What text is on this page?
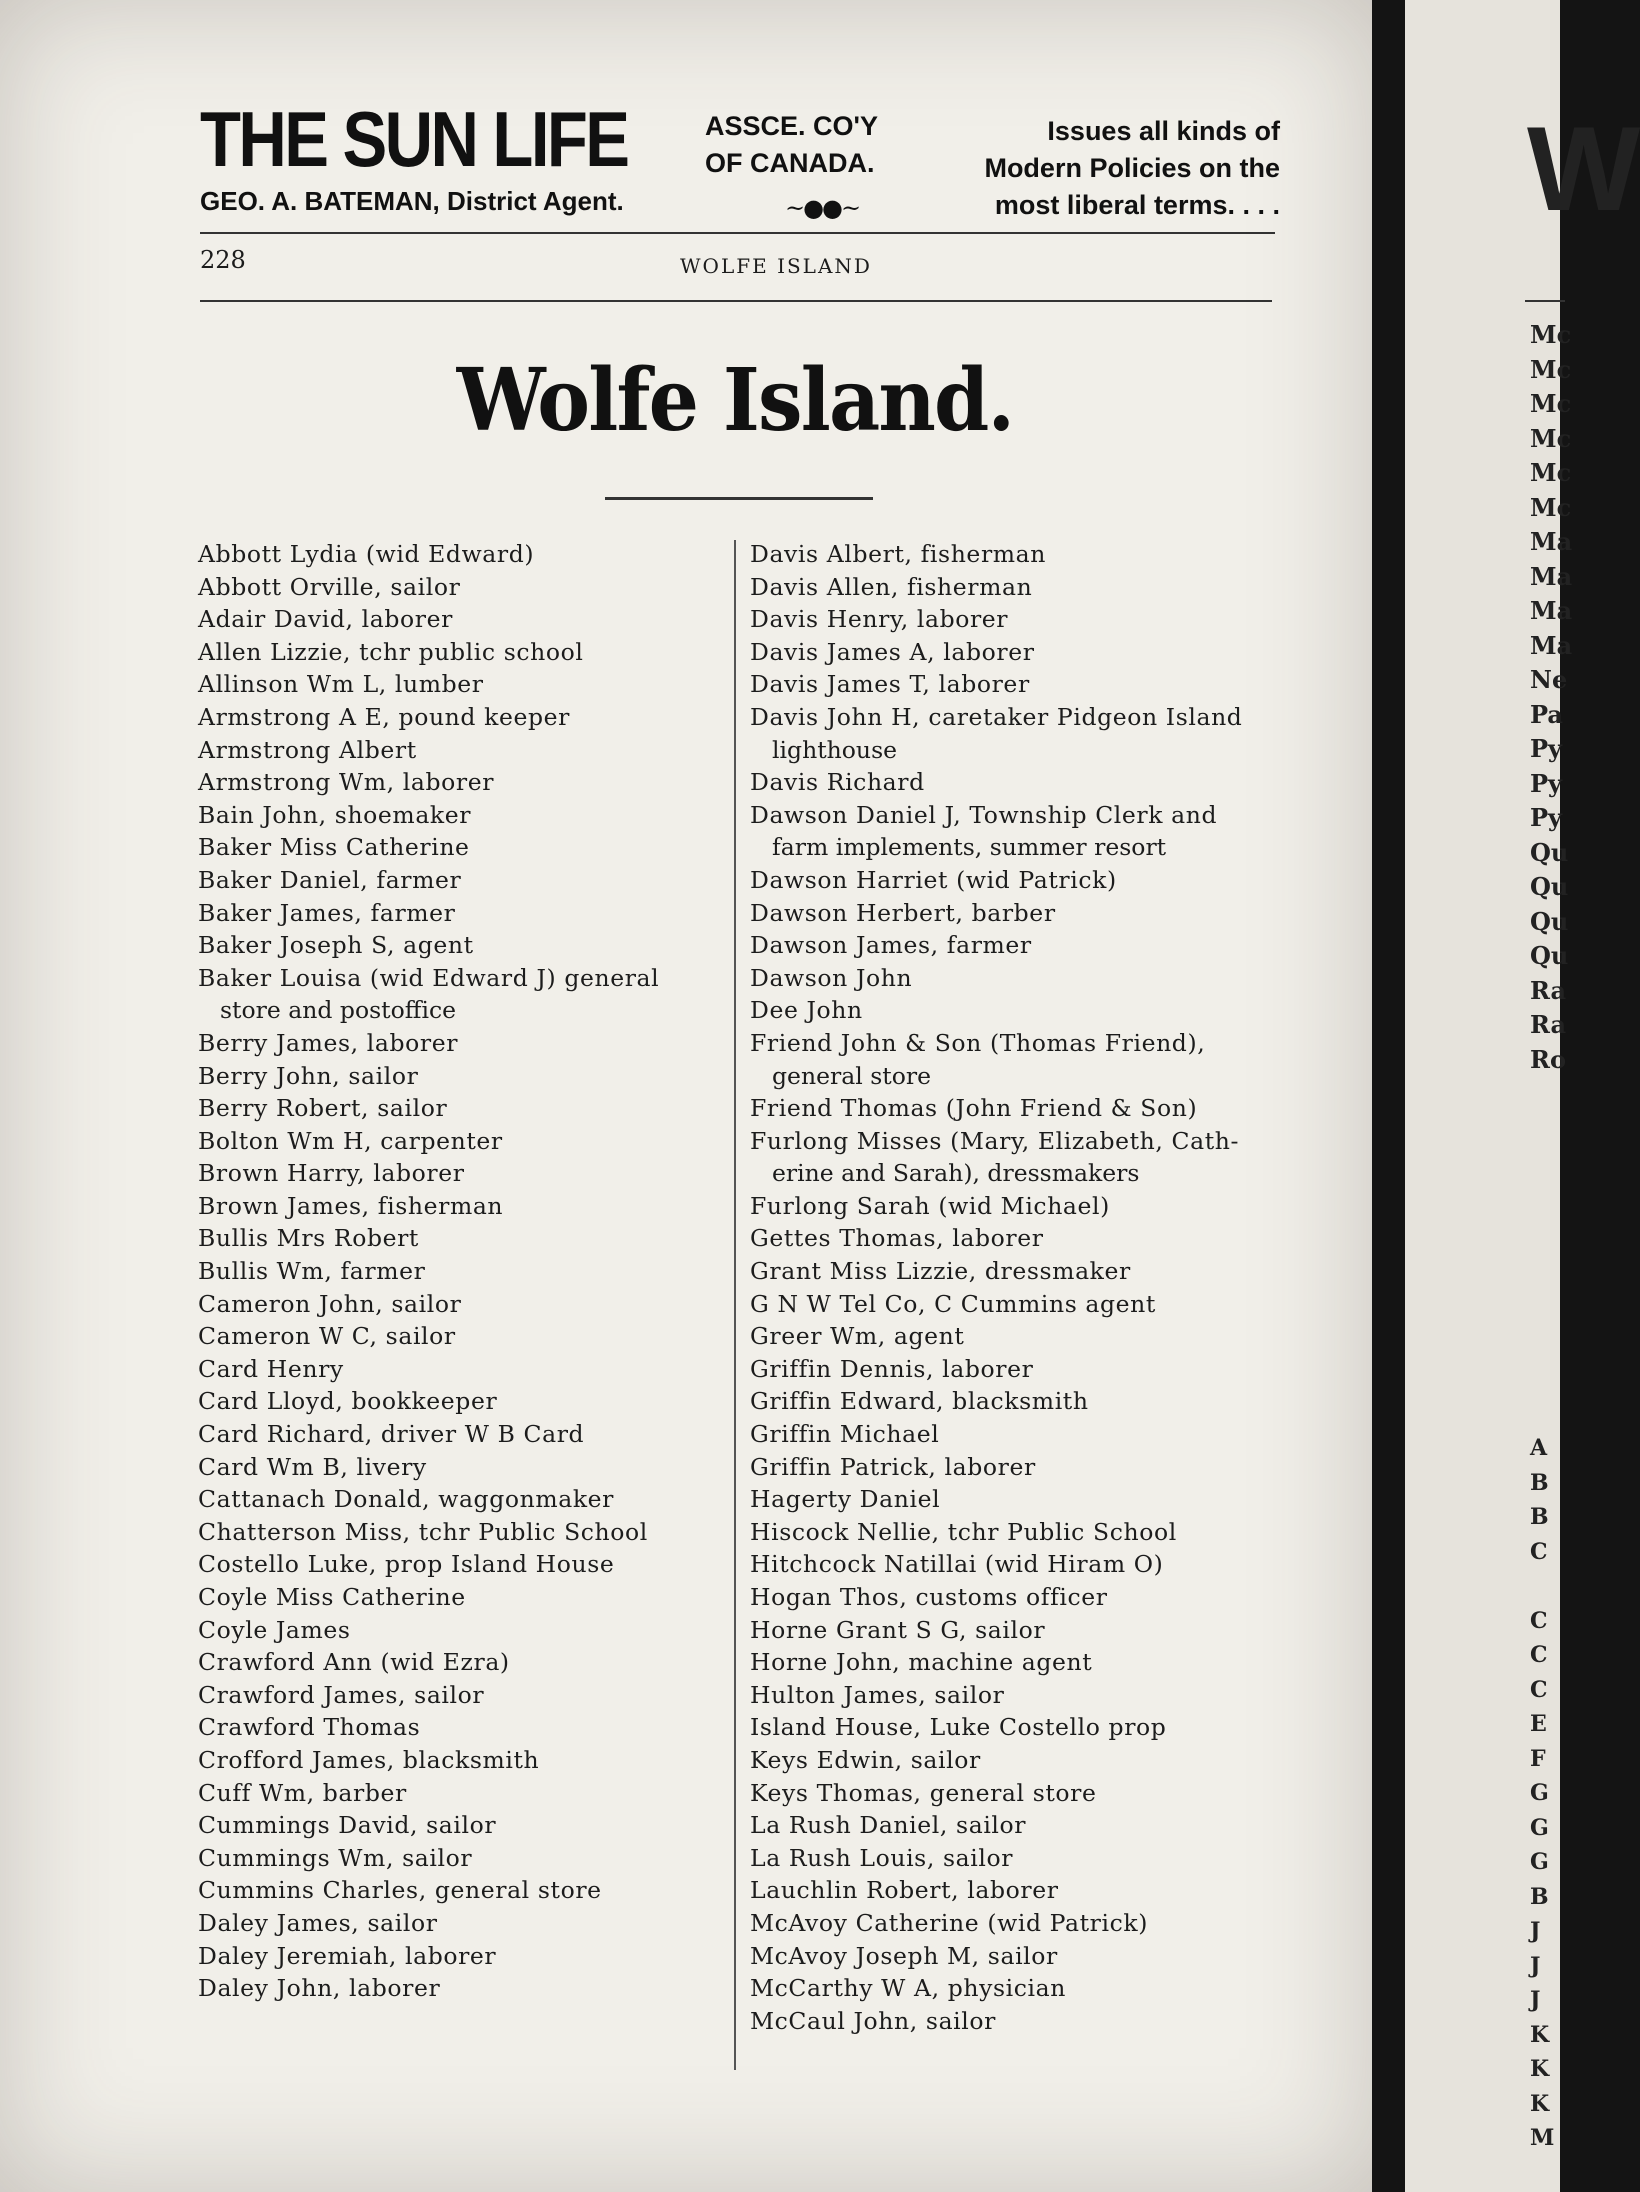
THE SUN LIFE	ASSCE. CO'Y
OF CANADA.
Issues all kinds of
Modern Policies on the
most liberal terms. . . .
GEO. A. BATEMAN, District Agent.	~●●~
228	WOLFE ISLAND
Wolfe Island.
Abbott Lydia (wid Edward)
Abbott Orville, sailor
Adair David, laborer
Allen Lizzie, tchr public school
Allinson Wm L, lumber
Armstrong A E, pound keeper
Armstrong Albert
Armstrong Wm, laborer
Bain John, shoemaker
Baker Miss Catherine
Baker Daniel, farmer
Baker James, farmer
Baker Joseph S, agent
Baker Louisa (wid Edward J) general
store and postoffice
Berry James, laborer
Berry John, sailor
Berry Robert, sailor
Bolton Wm H, carpenter
Brown Harry, laborer
Brown James, fisherman
Bullis Mrs Robert
Bullis Wm, farmer
Cameron John, sailor
Cameron W C, sailor
Card Henry
Card Lloyd, bookkeeper
Card Richard, driver W B Card
Card Wm B, livery
Cattanach Donald, waggonmaker
Chatterson Miss, tchr Public School
Costello Luke, prop Island House
Coyle Miss Catherine
Coyle James
Crawford Ann (wid Ezra)
Crawford James, sailor
Crawford Thomas
Crofford James, blacksmith
Cuff Wm, barber
Cummings David, sailor
Cummings Wm, sailor
Cummins Charles, general store
Daley James, sailor
Daley Jeremiah, laborer
Daley John, laborer
Davis Albert, fisherman
Davis Allen, fisherman
Davis Henry, laborer
Davis James A, laborer
Davis James T, laborer
Davis John H, caretaker Pidgeon Island
lighthouse
Davis Richard
Dawson Daniel J, Township Clerk and
farm implements, summer resort
Dawson Harriet (wid Patrick)
Dawson Herbert, barber
Dawson James, farmer
Dawson John
Dee John
Friend John & Son (Thomas Friend),
general store
Friend Thomas (John Friend & Son)
Furlong Misses (Mary, Elizabeth, Cath-
erine and Sarah), dressmakers
Furlong Sarah (wid Michael)
Gettes Thomas, laborer
Grant Miss Lizzie, dressmaker
G N W Tel Co, C Cummins agent
Greer Wm, agent
Griffin Dennis, laborer
Griffin Edward, blacksmith
Griffin Michael
Griffin Patrick, laborer
Hagerty Daniel
Hiscock Nellie, tchr Public School
Hitchcock Natillai (wid Hiram O)
Hogan Thos, customs officer
Horne Grant S G, sailor
Horne John, machine agent
Hulton James, sailor
Island House, Luke Costello prop
Keys Edwin, sailor
Keys Thomas, general store
La Rush Daniel, sailor
La Rush Louis, sailor
Lauchlin Robert, laborer
McAvoy Catherine (wid Patrick)
McAvoy Joseph M, sailor
McCarthy W A, physician
McCaul John, sailor
W
Mc
Mc
Mc
Mc
Mc
Mc
Ma
Ma
Ma
Ma
Ne
Pa
Py
Py
Py
Qu
Qu
Qu
Qu
Ra
Ra
Ro
A
B
B
C
C
C
C
E
F
G
G
G
B
J
J
J
K
K
K
M
